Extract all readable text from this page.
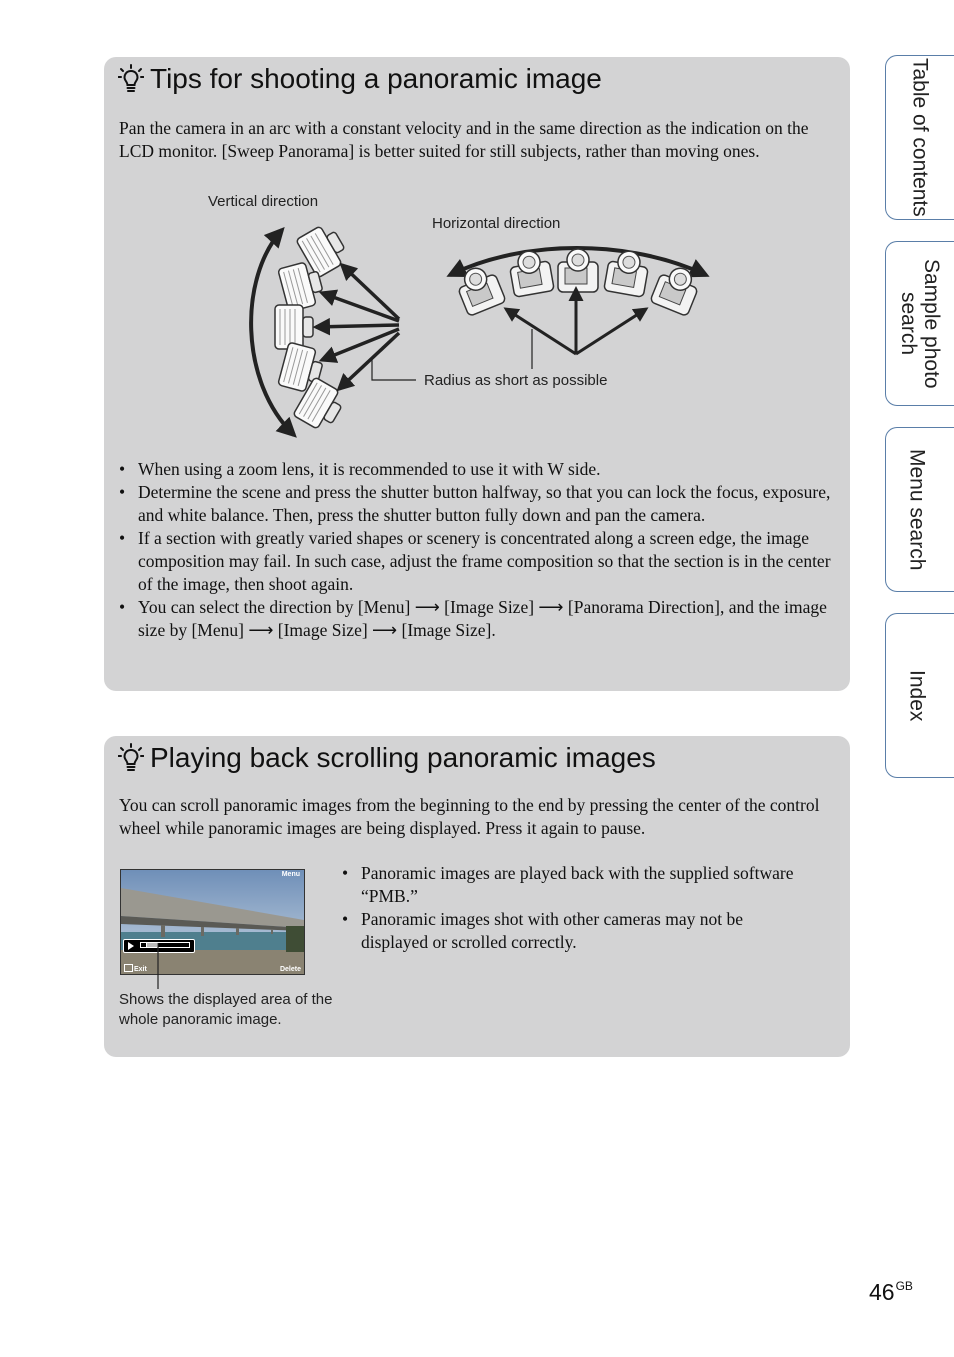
Tips for shooting a panoramic image

Pan the camera in an arc with a constant velocity and in the same direction as the indication on the LCD monitor. [Sweep Panorama] is better suited for still subjects, rather than moving ones.

Vertical direction
Horizontal direction
Radius as short as possible
• When using a zoom lens, it is recommended to use it with W side.
• Determine the scene and press the shutter button halfway, so that you can lock the focus, exposure, and white balance. Then, press the shutter button fully down and pan the camera.
• If a section with greatly varied shapes or scenery is concentrated along a screen edge, the image composition may fail. In such case, adjust the frame composition so that the section is in the center of the image, then shoot again.
• You can select the direction by [Menu] ⟶ [Image Size] ⟶ [Panorama Direction], and the image size by [Menu] ⟶ [Image Size] ⟶ [Image Size].
Playing back scrolling panoramic images

You can scroll panoramic images from the beginning to the end by pressing the center of the control wheel while panoramic images are being displayed. Press it again to pause.

Menu
Exit	Delete
Shows the displayed area of the whole panoramic image.
• Panoramic images are played back with the supplied software “PMB.”
• Panoramic images shot with other cameras may not be displayed or scrolled correctly.
Table of contents
Sample photo search
Menu search
Index
$46^{GB}$
